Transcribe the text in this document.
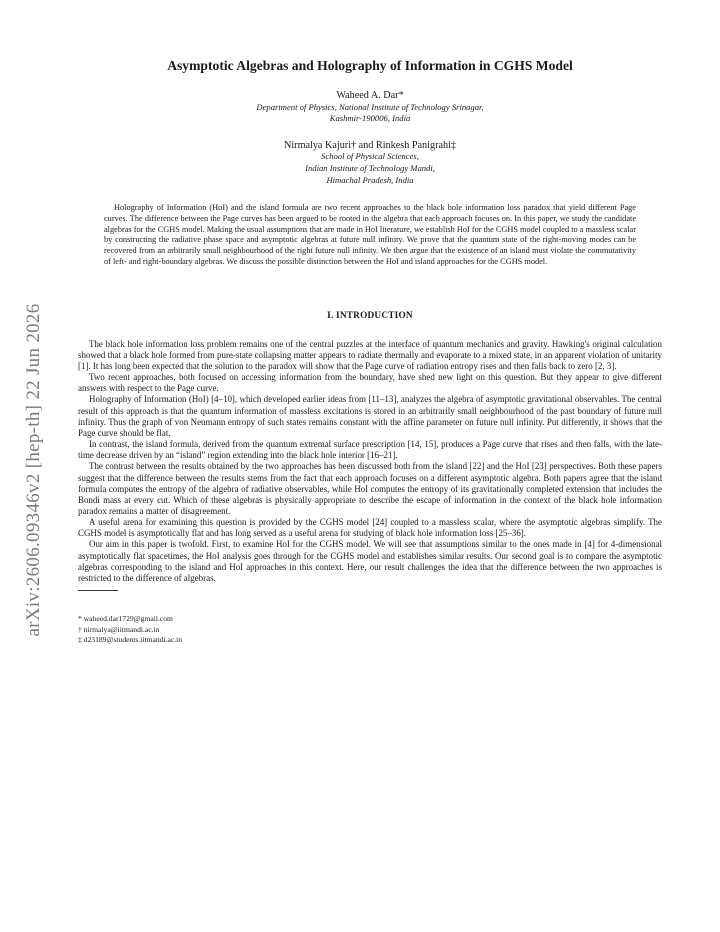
arXiv:2606.09346v2 [hep-th] 22 Jun 2026
Asymptotic Algebras and Holography of Information in CGHS Model
Waheed A. Dar*
Department of Physics, National Institute of Technology Srinagar,
Kashmir-190006, India
Nirmalya Kajuri† and Rinkesh Panigrahi‡
School of Physical Sciences,
Indian Institute of Technology Mandi,
Himachal Pradesh, India
Holography of Information (HoI) and the island formula are two recent approaches to the black hole information loss paradox that yield different Page curves. The difference between the Page curves has been argued to be rooted in the algebra that each approach focuses on. In this paper, we study the candidate algebras for the CGHS model. Making the usual assumptions that are made in HoI literature, we establish HoI for the CGHS model coupled to a massless scalar by constructing the radiative phase space and asymptotic algebras at future null infinity. We prove that the quantum state of the right-moving modes can be recovered from an arbitrarily small neighbourhood of the right future null infinity. We then argue that the existence of an island must violate the commutativity of left- and right-boundary algebras. We discuss the possible distinction between the HoI and island approaches for the CGHS model.
I. INTRODUCTION

The black hole information loss problem remains one of the central puzzles at the interface of quantum mechanics and gravity. Hawking's original calculation showed that a black hole formed from pure-state collapsing matter appears to radiate thermally and evaporate to a mixed state, in an apparent violation of unitarity [1]. It has long been expected that the solution to the paradox will show that the Page curve of radiation entropy rises and then falls back to zero [2, 3].

Two recent approaches, both focused on accessing information from the boundary, have shed new light on this question. But they appear to give different answers with respect to the Page curve.

Holography of Information (HoI) [4–10], which developed earlier ideas from [11–13], analyzes the algebra of asymptotic gravitational observables. The central result of this approach is that the quantum information of massless excitations is stored in an arbitrarily small neighbourhood of the past boundary of future null infinity. Thus the graph of von Neumann entropy of such states remains constant with the affine parameter on future null infinity. Put differently, it shows that the Page curve should be flat.

In contrast, the island formula, derived from the quantum extremal surface prescription [14, 15], produces a Page curve that rises and then falls, with the late-time decrease driven by an “island” region extending into the black hole interior [16–21].

The contrast between the results obtained by the two approaches has been discussed both from the island [22] and the HoI [23] perspectives. Both these papers suggest that the difference between the results stems from the fact that each approach focuses on a different asymptotic algebra. Both papers agree that the island formula computes the entropy of the algebra of radiative observables, while HoI computes the entropy of its gravitationally completed extension that includes the Bondi mass at every cut. Which of these algebras is physically appropriate to describe the escape of information in the context of the black hole information paradox remains a matter of disagreement.

A useful arena for examining this question is provided by the CGHS model [24] coupled to a massless scalar, where the asymptotic algebras simplify. The CGHS model is asymptotically flat and has long served as a useful arena for studying of black hole information loss [25–36].

Our aim in this paper is twofold. First, to examine HoI for the CGHS model. We will see that assumptions similar to the ones made in [4] for 4-dimensional asymptotically flat spacetimes, the HoI analysis goes through for the CGHS model and establishes similar results. Our second goal is to compare the asymptotic algebras corresponding to the island and HoI approaches in this context. Here, our result challenges the idea that the difference between the two approaches is restricted to the difference of algebras.

* waheed.dar1729@gmail.com
† nirmalya@iitmandi.ac.in
‡ d23189@students.iitmandi.ac.in
